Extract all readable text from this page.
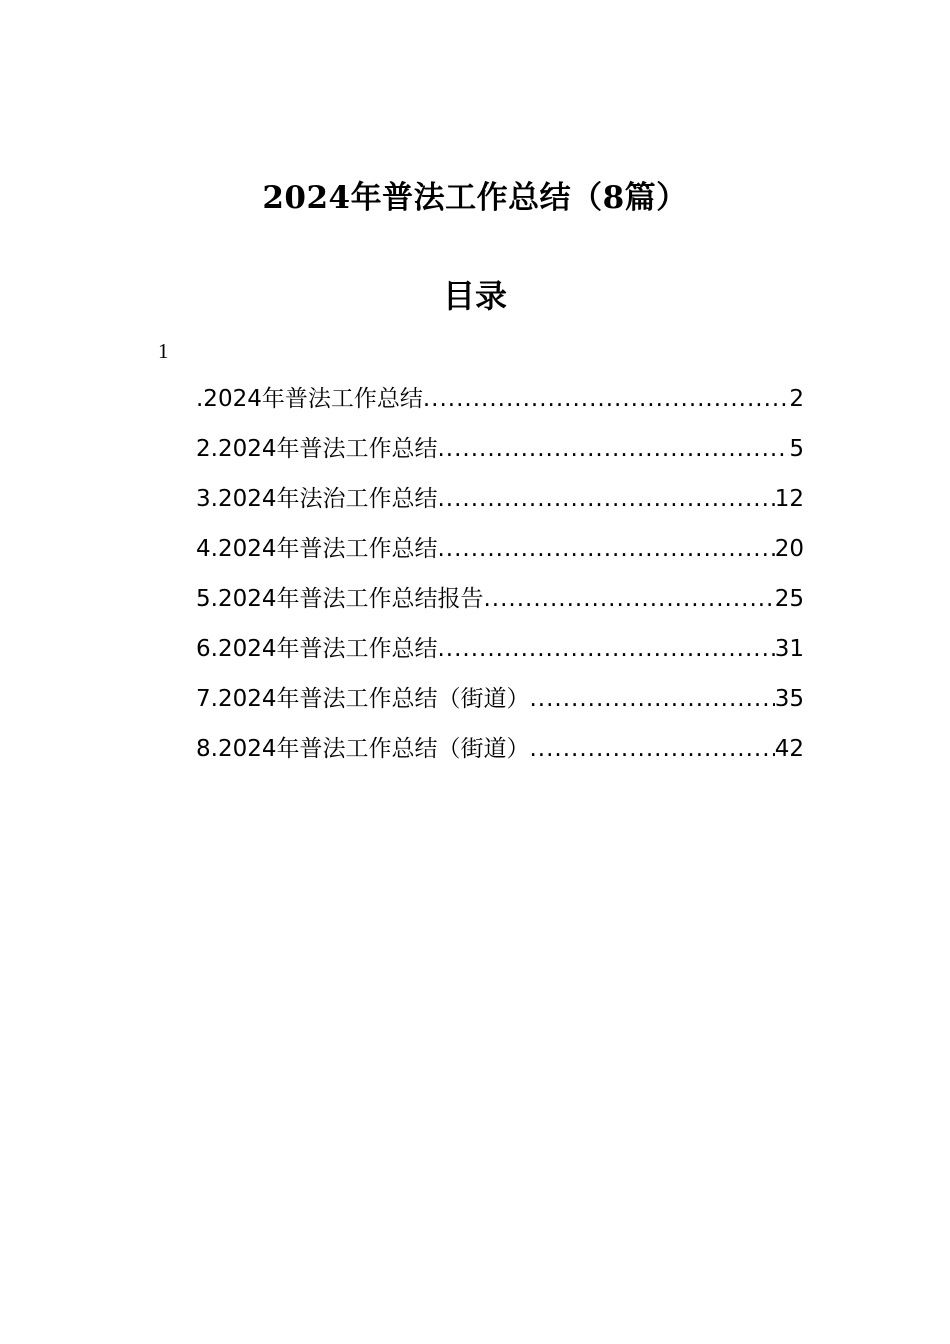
2024年普法工作总结（8篇）
目录
1
.2024年普法工作总结 .....	2
2.2024年普法工作总结 .....	5
3.2024年法治工作总结 .....	12
4.2024年普法工作总结 .....	20
5.2024年普法工作总结报告 .....	25
6.2024年普法工作总结 .....	31
7.2024年普法工作总结（街道） .....	35
8.2024年普法工作总结（街道） .....	42
